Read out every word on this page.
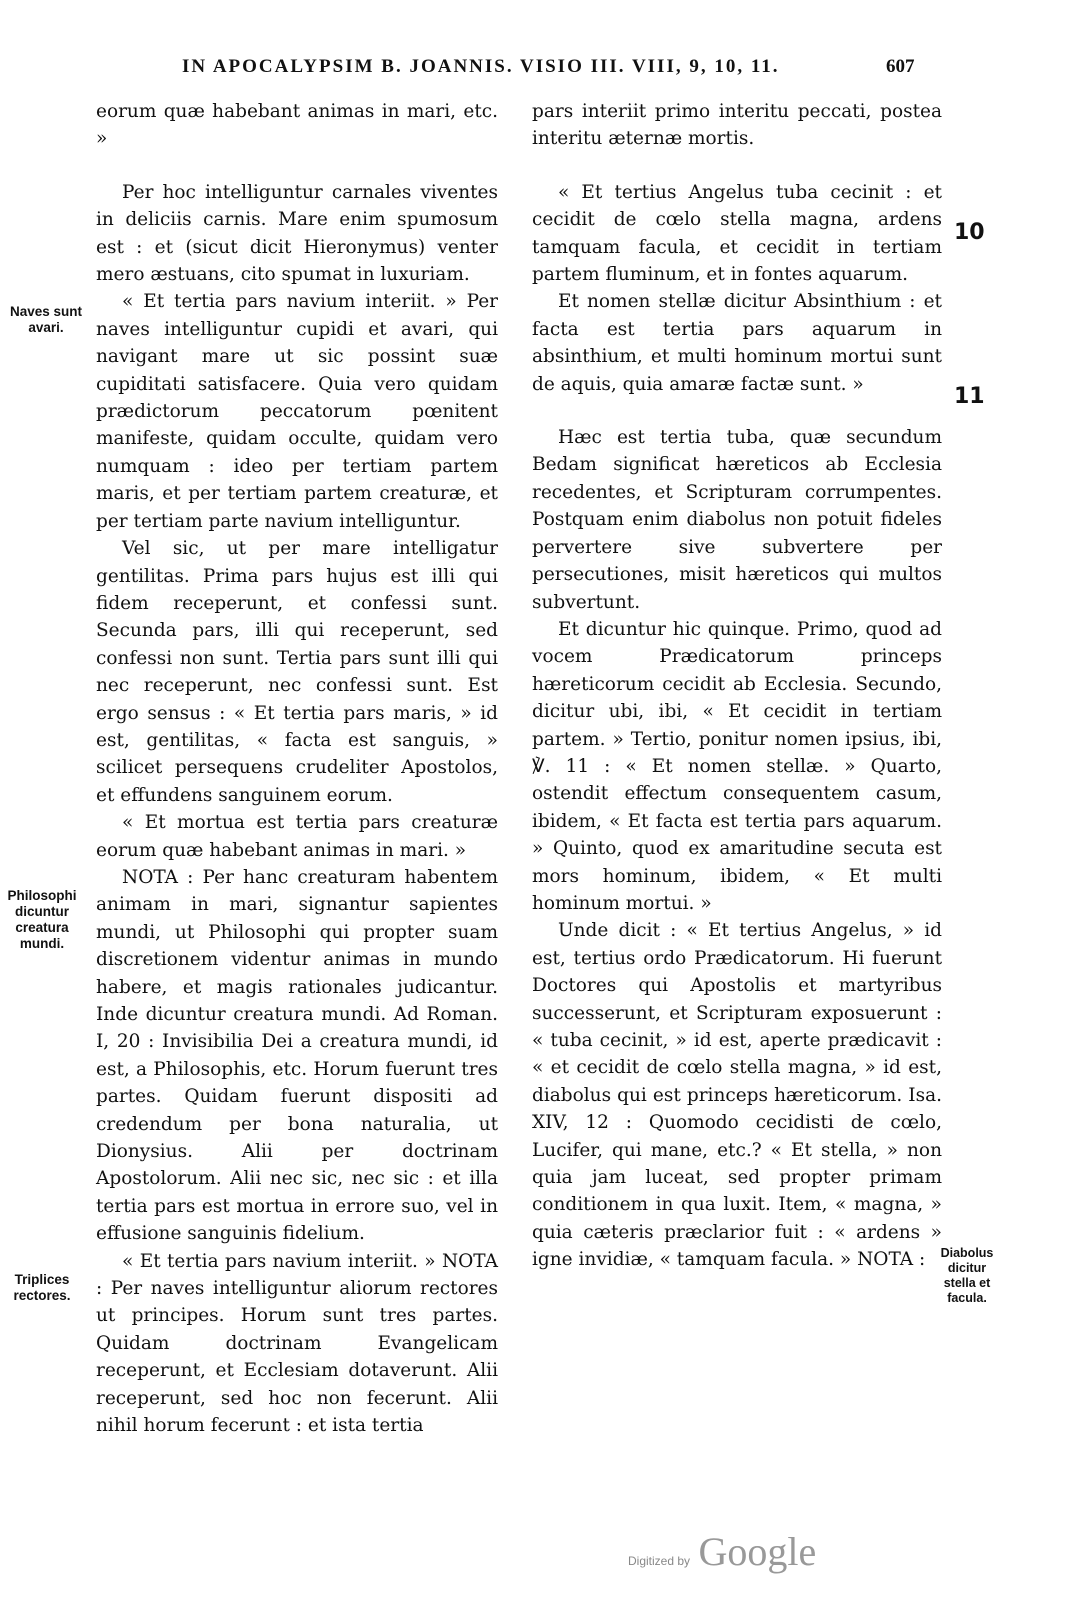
IN APOCALYPSIM B. JOANNIS. VISIO III. VIII, 9, 10, 11.	607

eorum quæ habebant animas in mari, etc. »

Per hoc intelliguntur carnales viventes in deliciis carnis. Mare enim spumosum est : et (sicut dicit Hieronymus) venter mero æstuans, cito spumat in luxuriam.

« Et tertia pars navium interiit. » Per naves intelliguntur cupidi et avari, qui navigant mare ut sic possint suæ cupiditati satisfacere. Quia vero quidam prædictorum peccatorum pœnitent manifeste, quidam occulte, quidam vero numquam : ideo per tertiam partem maris, et per tertiam partem creaturæ, et per tertiam parte navium intelliguntur.

Vel sic, ut per mare intelligatur gentilitas. Prima pars hujus est illi qui fidem receperunt, et confessi sunt. Secunda pars, illi qui receperunt, sed confessi non sunt. Tertia pars sunt illi qui nec receperunt, nec confessi sunt. Est ergo sensus : « Et tertia pars maris, » id est, gentilitas, « facta est sanguis, » scilicet persequens crudeliter Apostolos, et effundens sanguinem eorum.

« Et mortua est tertia pars creaturæ eorum quæ habebant animas in mari. »

NOTA : Per hanc creaturam habentem animam in mari, signantur sapientes mundi, ut Philosophi qui propter suam discretionem videntur animas in mundo habere, et magis rationales judicantur. Inde dicuntur creatura mundi. Ad Roman. I, 20 : Invisibilia Dei a creatura mundi, id est, a Philosophis, etc. Horum fuerunt tres partes. Quidam fuerunt dispositi ad credendum per bona naturalia, ut Dionysius. Alii per doctrinam Apostolorum. Alii nec sic, nec sic : et illa tertia pars est mortua in errore suo, vel in effusione sanguinis fidelium.

« Et tertia pars navium interiit. » NOTA : Per naves intelliguntur aliorum rectores ut principes. Horum sunt tres partes. Quidam doctrinam Evangelicam receperunt, et Ecclesiam dotaverunt. Alii receperunt, sed hoc non fecerunt. Alii nihil horum fecerunt : et ista tertia

pars interiit primo interitu peccati, postea interitu æternæ mortis.

« Et tertius Angelus tuba cecinit : et cecidit de cœlo stella magna, ardens tamquam facula, et cecidit in tertiam partem fluminum, et in fontes aquarum.

Et nomen stellæ dicitur Absinthium : et facta est tertia pars aquarum in absinthium, et multi hominum mortui sunt de aquis, quia amaræ factæ sunt. »

Hæc est tertia tuba, quæ secundum Bedam significat hæreticos ab Ecclesia recedentes, et Scripturam corrumpentes. Postquam enim diabolus non potuit fideles pervertere sive subvertere per persecutiones, misit hæreticos qui multos subvertunt.

Et dicuntur hic quinque. Primo, quod ad vocem Prædicatorum princeps hæreticorum cecidit ab Ecclesia. Secundo, dicitur ubi, ibi, « Et cecidit in tertiam partem. » Tertio, ponitur nomen ipsius, ibi, ℣. 11 : « Et nomen stellæ. » Quarto, ostendit effectum consequentem casum, ibidem, « Et facta est tertia pars aquarum. » Quinto, quod ex amaritudine secuta est mors hominum, ibidem, « Et multi hominum mortui. »

Unde dicit : « Et tertius Angelus, » id est, tertius ordo Prædicatorum. Hi fuerunt Doctores qui Apostolis et martyribus successerunt, et Scripturam exposuerunt : « tuba cecinit, » id est, aperte prædicavit : « et cecidit de cœlo stella magna, » id est, diabolus qui est princeps hæreticorum. Isa. XIV, 12 : Quomodo cecidisti de cœlo, Lucifer, qui mane, etc.? « Et stella, » non quia jam luceat, sed propter primam conditionem in qua luxit. Item, « magna, » quia cæteris præclarior fuit : « ardens » igne invidiæ, « tamquam facula. » NOTA :

Naves sunt avari.
Philosophi dicuntur creatura mundi.
Triplices rectores.
Diabolus dicitur stella et facula.
10
11
Digitized by Google
